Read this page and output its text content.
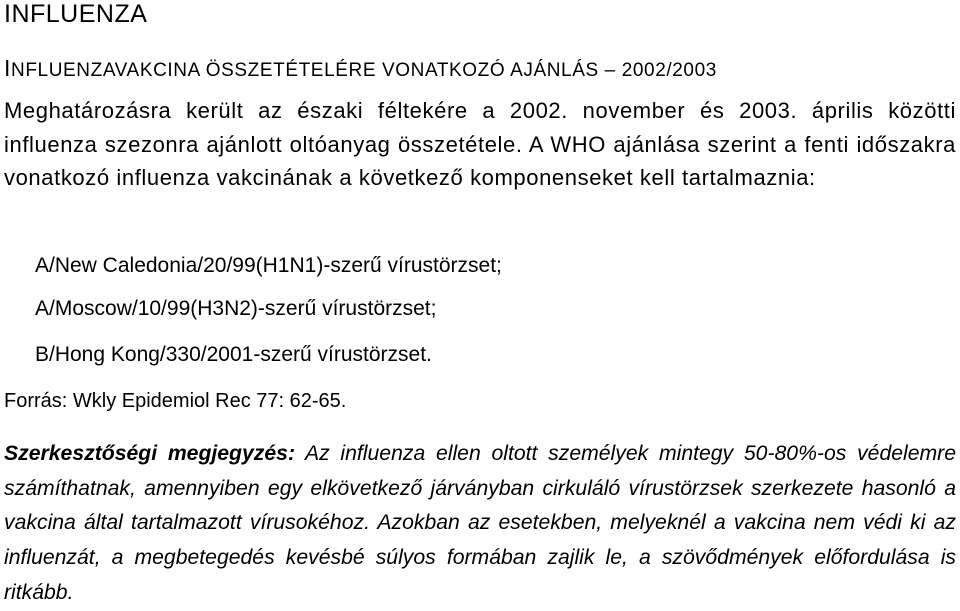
INFLUENZA
INFLUENZAVAKCINA ÖSSZETÉTELÉRE VONATKOZÓ AJÁNLÁS – 2002/2003

Meghatározásra került az északi féltekére a 2002. november és 2003. április közötti influenza szezonra ajánlott oltóanyag összetétele. A WHO ajánlása szerint a fenti időszakra vonatkozó influenza vakcinának a következő komponenseket kell tartalmaznia:

A/New Caledonia/20/99(H1N1)-szerű vírustörzset;
A/Moscow/10/99(H3N2)-szerű vírustörzset;
B/Hong Kong/330/2001-szerű vírustörzset.
Forrás: Wkly Epidemiol Rec 77: 62-65.

Szerkesztőségi megjegyzés: Az influenza ellen oltott személyek mintegy 50-80%-os védelemre számíthatnak, amennyiben egy elkövetkező járványban cirkuláló vírustörzsek szerkezete hasonló a vakcina által tartalmazott vírusokéhoz. Azokban az esetekben, melyeknél a vakcina nem védi ki az influenzát, a megbetegedés kevésbé súlyos formában zajlik le, a szövődmények előfordulása is ritkább.
